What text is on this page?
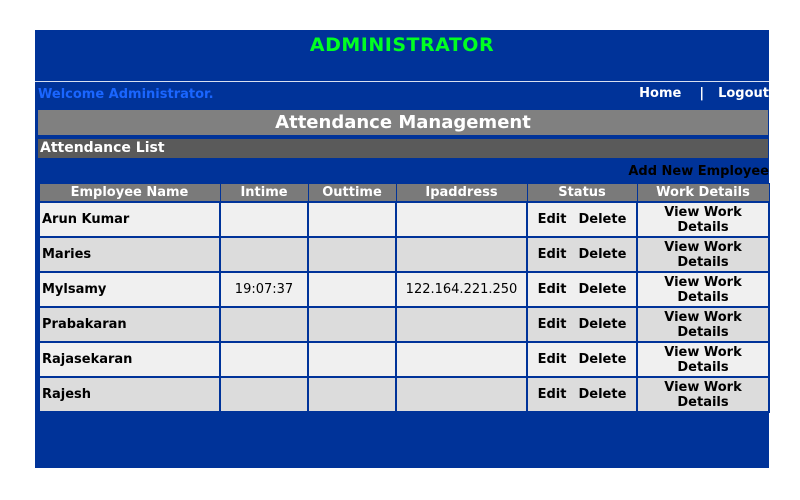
ADMINISTRATOR
Welcome Administrator.	Home | Logout
Attendance Management
Attendance List
Add New Employee
Employee Name	Intime	Outtime	Ipaddress	Status	Work Details
Arun Kumar				Edit Delete	View Work Details
Maries				Edit Delete	View Work Details
Mylsamy	19:07:37		122.164.221.250	Edit Delete	View Work Details
Prabakaran				Edit Delete	View Work Details
Rajasekaran				Edit Delete	View Work Details
Rajesh				Edit Delete	View Work Details
